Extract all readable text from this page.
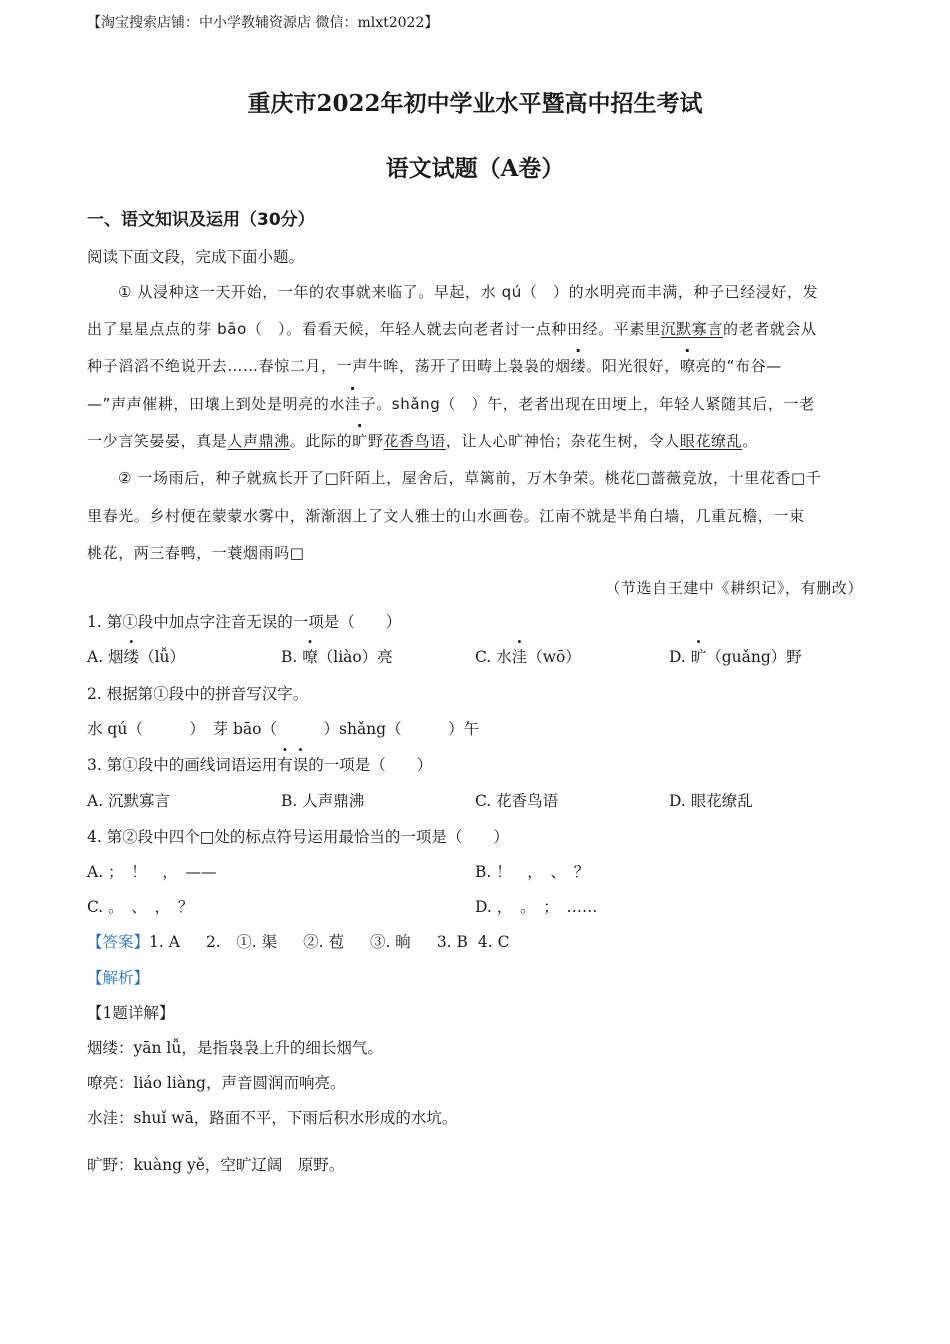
【淘宝搜索店铺：中小学教辅资源店 微信：mlxt2022】
重庆市2022年初中学业水平暨高中招生考试
语文试题（A卷）
一、语文知识及运用（30分）
阅读下面文段，完成下面小题。
① 从浸种这一天开始，一年的农事就来临了。早起，水 qú（　）的水明亮而丰满，种子已经浸好，发
出了星星点点的芽 bāo（　）。看看天候，年轻人就去向老者讨一点种田经。平素里沉默寡言的老者就会从
种子滔滔不绝说开去……春惊二月，一声牛哞，荡开了田畴上袅袅的烟缕。阳光很好，嘹亮的“布谷—
—”声声催耕，田壤上到处是明亮的水洼子。shǎng（　）午，老者出现在田埂上，年轻人紧随其后，一老
一少言笑晏晏，真是人声鼎沸。此际的旷野花香鸟语，让人心旷神怡；杂花生树，令人眼花缭乱。
② 一场雨后，种子就疯长开了□阡陌上，屋舍后，草篱前，万木争荣。桃花□蔷薇竞放，十里花香□千
里春光。乡村便在蒙蒙水雾中，渐渐洇上了文人雅士的山水画卷。江南不就是半角白墙，几重瓦檐，一束
桃花，两三春鸭，一蓑烟雨吗□
（节选自王建中《耕织记》，有删改）
1. 第①段中加点字注音无误的一项是（　　）
A. 烟缕（lǚ）	B. 嘹（liào）亮	C. 水洼（wō）	D. 旷（guǎng）野
2. 根据第①段中的拼音写汉字。
水 qú（　　　）　芽 bāo（　　　）shǎng（　　　）午
3. 第①段中的画线词语运用有误的一项是（　　）
A. 沉默寡言	B. 人声鼎沸	C. 花香鸟语	D. 眼花缭乱
4. 第②段中四个□处的标点符号运用最恰当的一项是（　　）
A. ；　！　，　——	B. ！　，　、　？
C. 。　、　，　？	D. ，　。　；　……
【答案】1. A 2.　①. 渠 ②. 苞 ③. 晌 3. B 4. C
【解析】
【1题详解】
烟缕：yān lǚ，是指袅袅上升的细长烟气。
嘹亮：liáo liàng，声音圆润而响亮。
水洼：shuǐ wā，路面不平，下雨后积水形成的水坑。
旷野：kuàng yě，空旷辽阔　原野。
